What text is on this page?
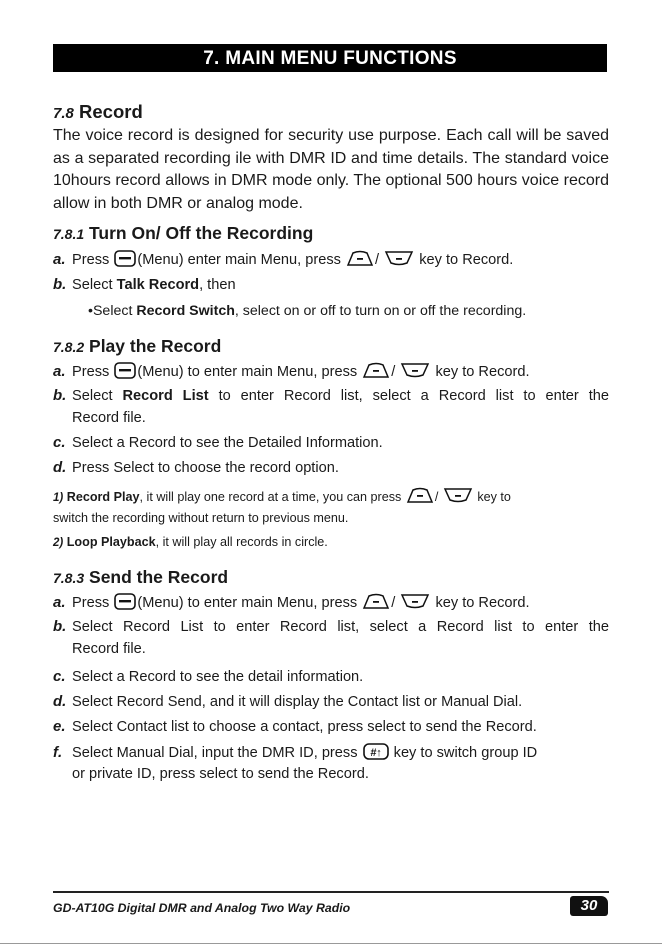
7. MAIN MENU FUNCTIONS
7.8 Record
The voice record is designed for security use purpose. Each call will be saved as a separated recording ile with DMR ID and time details. The standard voice 10hours record allows in DMR mode only. The optional 500 hours voice record allow in both DMR or analog mode.
7.8.1 Turn On/ Off the Recording
a. Press (Menu) enter main Menu, press /	key to Record.
b. Select Talk Record, then
•Select Record Switch, select on or off to turn on or off the recording.
7.8.2 Play the Record
a. Press (Menu) to enter main Menu, press /	key to Record.
b. Select Record List to enter Record list, select a Record list to enter the
Record file.
c. Select a Record to see the Detailed Information.
d. Press Select to choose the record option.
1) Record Play, it will play one record at a time, you can press	/	key to
switch the recording without return to previous menu.
2) Loop Playback, it will play all records in circle.
7.8.3 Send the Record
a. Press (Menu) to enter main Menu, press /	key to Record.
b. Select Record List to enter Record list, select a Record list to enter the
Record file.
c. Select a Record to see the detail information.
d. Select Record Send, and it will display the Contact list or Manual Dial.
e. Select Contact list to choose a contact, press select to send the Record.
f. Select Manual Dial, input the DMR ID, press #↑ key to switch group ID
or private ID, press select to send the Record.
GD-AT10G Digital DMR and Analog Two Way Radio	30
